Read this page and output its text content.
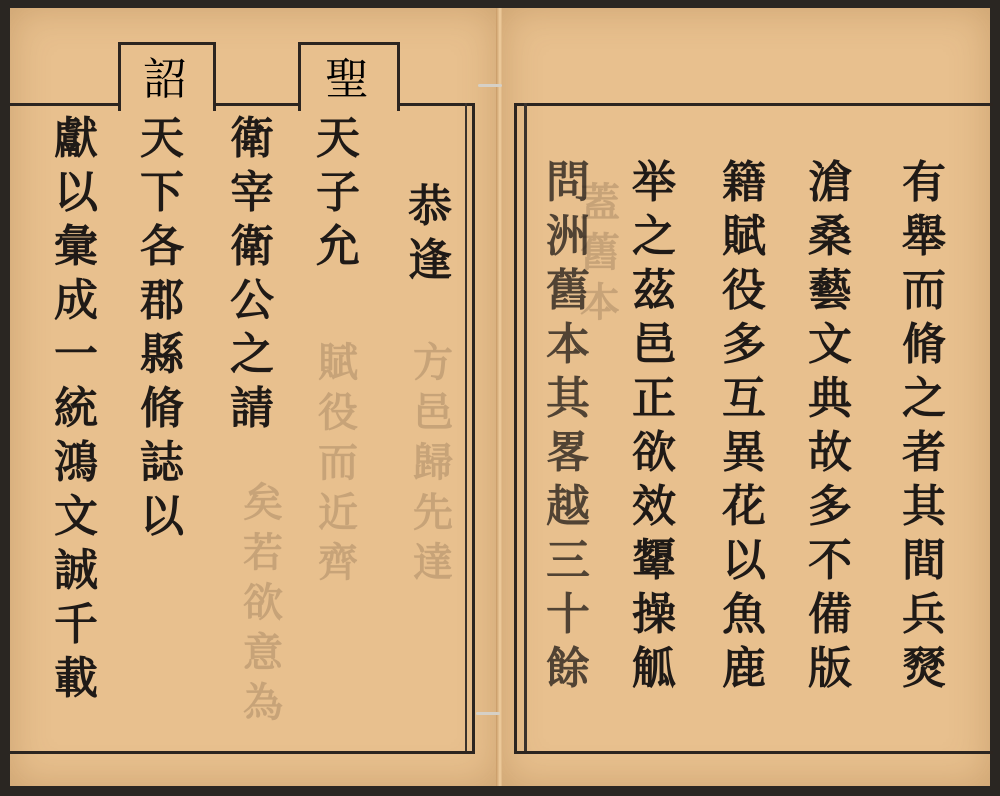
詔	聖
賦
役
而
近
齊
方
邑
歸
先
達
矣
若
欲
意
為
恭
逢
天
子
允
衛
宰
衛
公
之
請
天
下
各
郡
縣
脩
誌
以
獻
以
彙
成
一
統
鴻
文
誠
千
載
蓋
舊
本
有
舉
而
脩
之
者
其
間
兵
燹
滄
桑
藝
文
典
故
多
不
備
版
籍
賦
役
多
互
異
花
以
魚
鹿
举
之
茲
邑
正
欲
效
顰
操
觚
問
洲
舊
本
其
畧
越
三
十
餘
